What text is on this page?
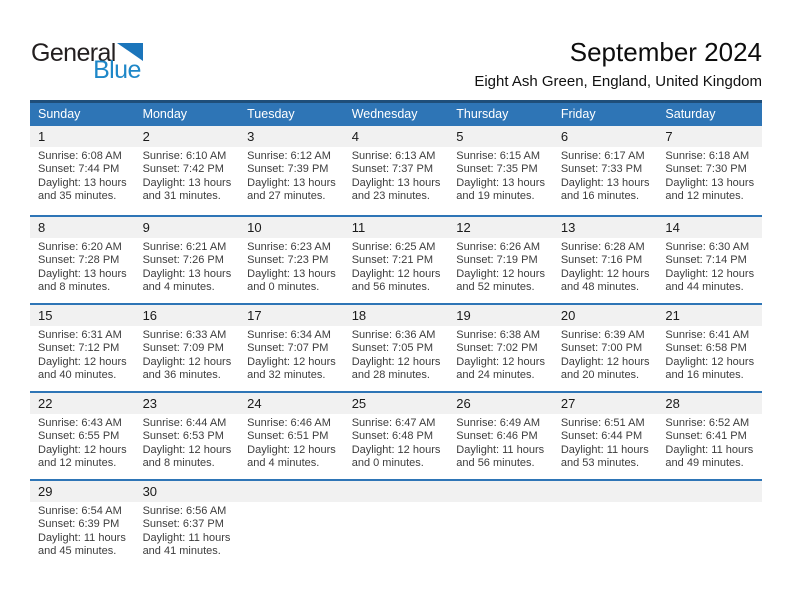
General
Blue
September 2024
Eight Ash Green, England, United Kingdom
Sunday	Monday	Tuesday	Wednesday	Thursday	Friday	Saturday
1	2	3	4	5	6	7
Sunrise: 6:08 AM
Sunset: 7:44 PM
Daylight: 13 hours
and 35 minutes.
Sunrise: 6:10 AM
Sunset: 7:42 PM
Daylight: 13 hours
and 31 minutes.
Sunrise: 6:12 AM
Sunset: 7:39 PM
Daylight: 13 hours
and 27 minutes.
Sunrise: 6:13 AM
Sunset: 7:37 PM
Daylight: 13 hours
and 23 minutes.
Sunrise: 6:15 AM
Sunset: 7:35 PM
Daylight: 13 hours
and 19 minutes.
Sunrise: 6:17 AM
Sunset: 7:33 PM
Daylight: 13 hours
and 16 minutes.
Sunrise: 6:18 AM
Sunset: 7:30 PM
Daylight: 13 hours
and 12 minutes.
8	9	10	11	12	13	14
Sunrise: 6:20 AM
Sunset: 7:28 PM
Daylight: 13 hours
and 8 minutes.
Sunrise: 6:21 AM
Sunset: 7:26 PM
Daylight: 13 hours
and 4 minutes.
Sunrise: 6:23 AM
Sunset: 7:23 PM
Daylight: 13 hours
and 0 minutes.
Sunrise: 6:25 AM
Sunset: 7:21 PM
Daylight: 12 hours
and 56 minutes.
Sunrise: 6:26 AM
Sunset: 7:19 PM
Daylight: 12 hours
and 52 minutes.
Sunrise: 6:28 AM
Sunset: 7:16 PM
Daylight: 12 hours
and 48 minutes.
Sunrise: 6:30 AM
Sunset: 7:14 PM
Daylight: 12 hours
and 44 minutes.
15	16	17	18	19	20	21
Sunrise: 6:31 AM
Sunset: 7:12 PM
Daylight: 12 hours
and 40 minutes.
Sunrise: 6:33 AM
Sunset: 7:09 PM
Daylight: 12 hours
and 36 minutes.
Sunrise: 6:34 AM
Sunset: 7:07 PM
Daylight: 12 hours
and 32 minutes.
Sunrise: 6:36 AM
Sunset: 7:05 PM
Daylight: 12 hours
and 28 minutes.
Sunrise: 6:38 AM
Sunset: 7:02 PM
Daylight: 12 hours
and 24 minutes.
Sunrise: 6:39 AM
Sunset: 7:00 PM
Daylight: 12 hours
and 20 minutes.
Sunrise: 6:41 AM
Sunset: 6:58 PM
Daylight: 12 hours
and 16 minutes.
22	23	24	25	26	27	28
Sunrise: 6:43 AM
Sunset: 6:55 PM
Daylight: 12 hours
and 12 minutes.
Sunrise: 6:44 AM
Sunset: 6:53 PM
Daylight: 12 hours
and 8 minutes.
Sunrise: 6:46 AM
Sunset: 6:51 PM
Daylight: 12 hours
and 4 minutes.
Sunrise: 6:47 AM
Sunset: 6:48 PM
Daylight: 12 hours
and 0 minutes.
Sunrise: 6:49 AM
Sunset: 6:46 PM
Daylight: 11 hours
and 56 minutes.
Sunrise: 6:51 AM
Sunset: 6:44 PM
Daylight: 11 hours
and 53 minutes.
Sunrise: 6:52 AM
Sunset: 6:41 PM
Daylight: 11 hours
and 49 minutes.
29	30
Sunrise: 6:54 AM
Sunset: 6:39 PM
Daylight: 11 hours
and 45 minutes.
Sunrise: 6:56 AM
Sunset: 6:37 PM
Daylight: 11 hours
and 41 minutes.
